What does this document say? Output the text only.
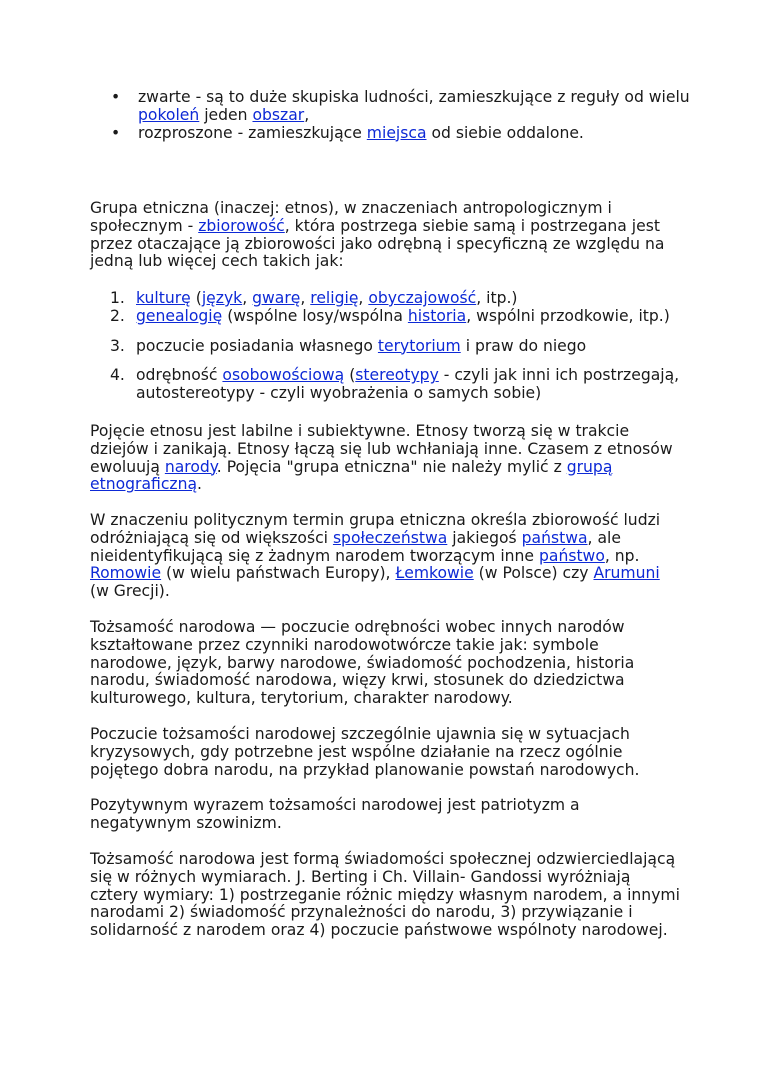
• zwarte - są to duże skupiska ludności, zamieszkujące z reguły od wielu pokoleń jeden obszar,
• rozproszone - zamieszkujące miejsca od siebie oddalone.

Grupa etniczna (inaczej: etnos), w znaczeniach antropologicznym i społecznym - zbiorowość, która postrzega siebie samą i postrzegana jest przez otaczające ją zbiorowości jako odrębną i specyficzną ze względu na jedną lub więcej cech takich jak:

1. kulturę (język, gwarę, religię, obyczajowość, itp.)
2. genealogię (wspólne losy/wspólna historia, wspólni przodkowie, itp.)
3. poczucie posiadania własnego terytorium i praw do niego
4. odrębność osobowościową (stereotypy - czyli jak inni ich postrzegają, autostereotypy - czyli wyobrażenia o samych sobie)

Pojęcie etnosu jest labilne i subiektywne. Etnosy tworzą się w trakcie dziejów i zanikają. Etnosy łączą się lub wchłaniają inne. Czasem z etnosów ewoluują narody. Pojęcia "grupa etniczna" nie należy mylić z grupą etnograficzną.

W znaczeniu politycznym termin grupa etniczna określa zbiorowość ludzi odróżniającą się od większości społeczeństwa jakiegoś państwa, ale nieidentyfikującą się z żadnym narodem tworzącym inne państwo, np. Romowie (w wielu państwach Europy), Łemkowie (w Polsce) czy Arumuni (w Grecji).

Tożsamość narodowa — poczucie odrębności wobec innych narodów kształtowane przez czynniki narodowotwórcze takie jak: symbole narodowe, język, barwy narodowe, świadomość pochodzenia, historia narodu, świadomość narodowa, więzy krwi, stosunek do dziedzictwa kulturowego, kultura, terytorium, charakter narodowy.

Poczucie tożsamości narodowej szczególnie ujawnia się w sytuacjach kryzysowych, gdy potrzebne jest wspólne działanie na rzecz ogólnie pojętego dobra narodu, na przykład planowanie powstań narodowych.

Pozytywnym wyrazem tożsamości narodowej jest patriotyzm a negatywnym szowinizm.

Tożsamość narodowa jest formą świadomości społecznej odzwierciedlającą się w różnych wymiarach. J. Berting i Ch. Villain- Gandossi wyróżniają cztery wymiary: 1) postrzeganie różnic między własnym narodem, a innymi narodami 2) świadomość przynależności do narodu, 3) przywiązanie i solidarność z narodem oraz 4) poczucie państwowe wspólnoty narodowej.
